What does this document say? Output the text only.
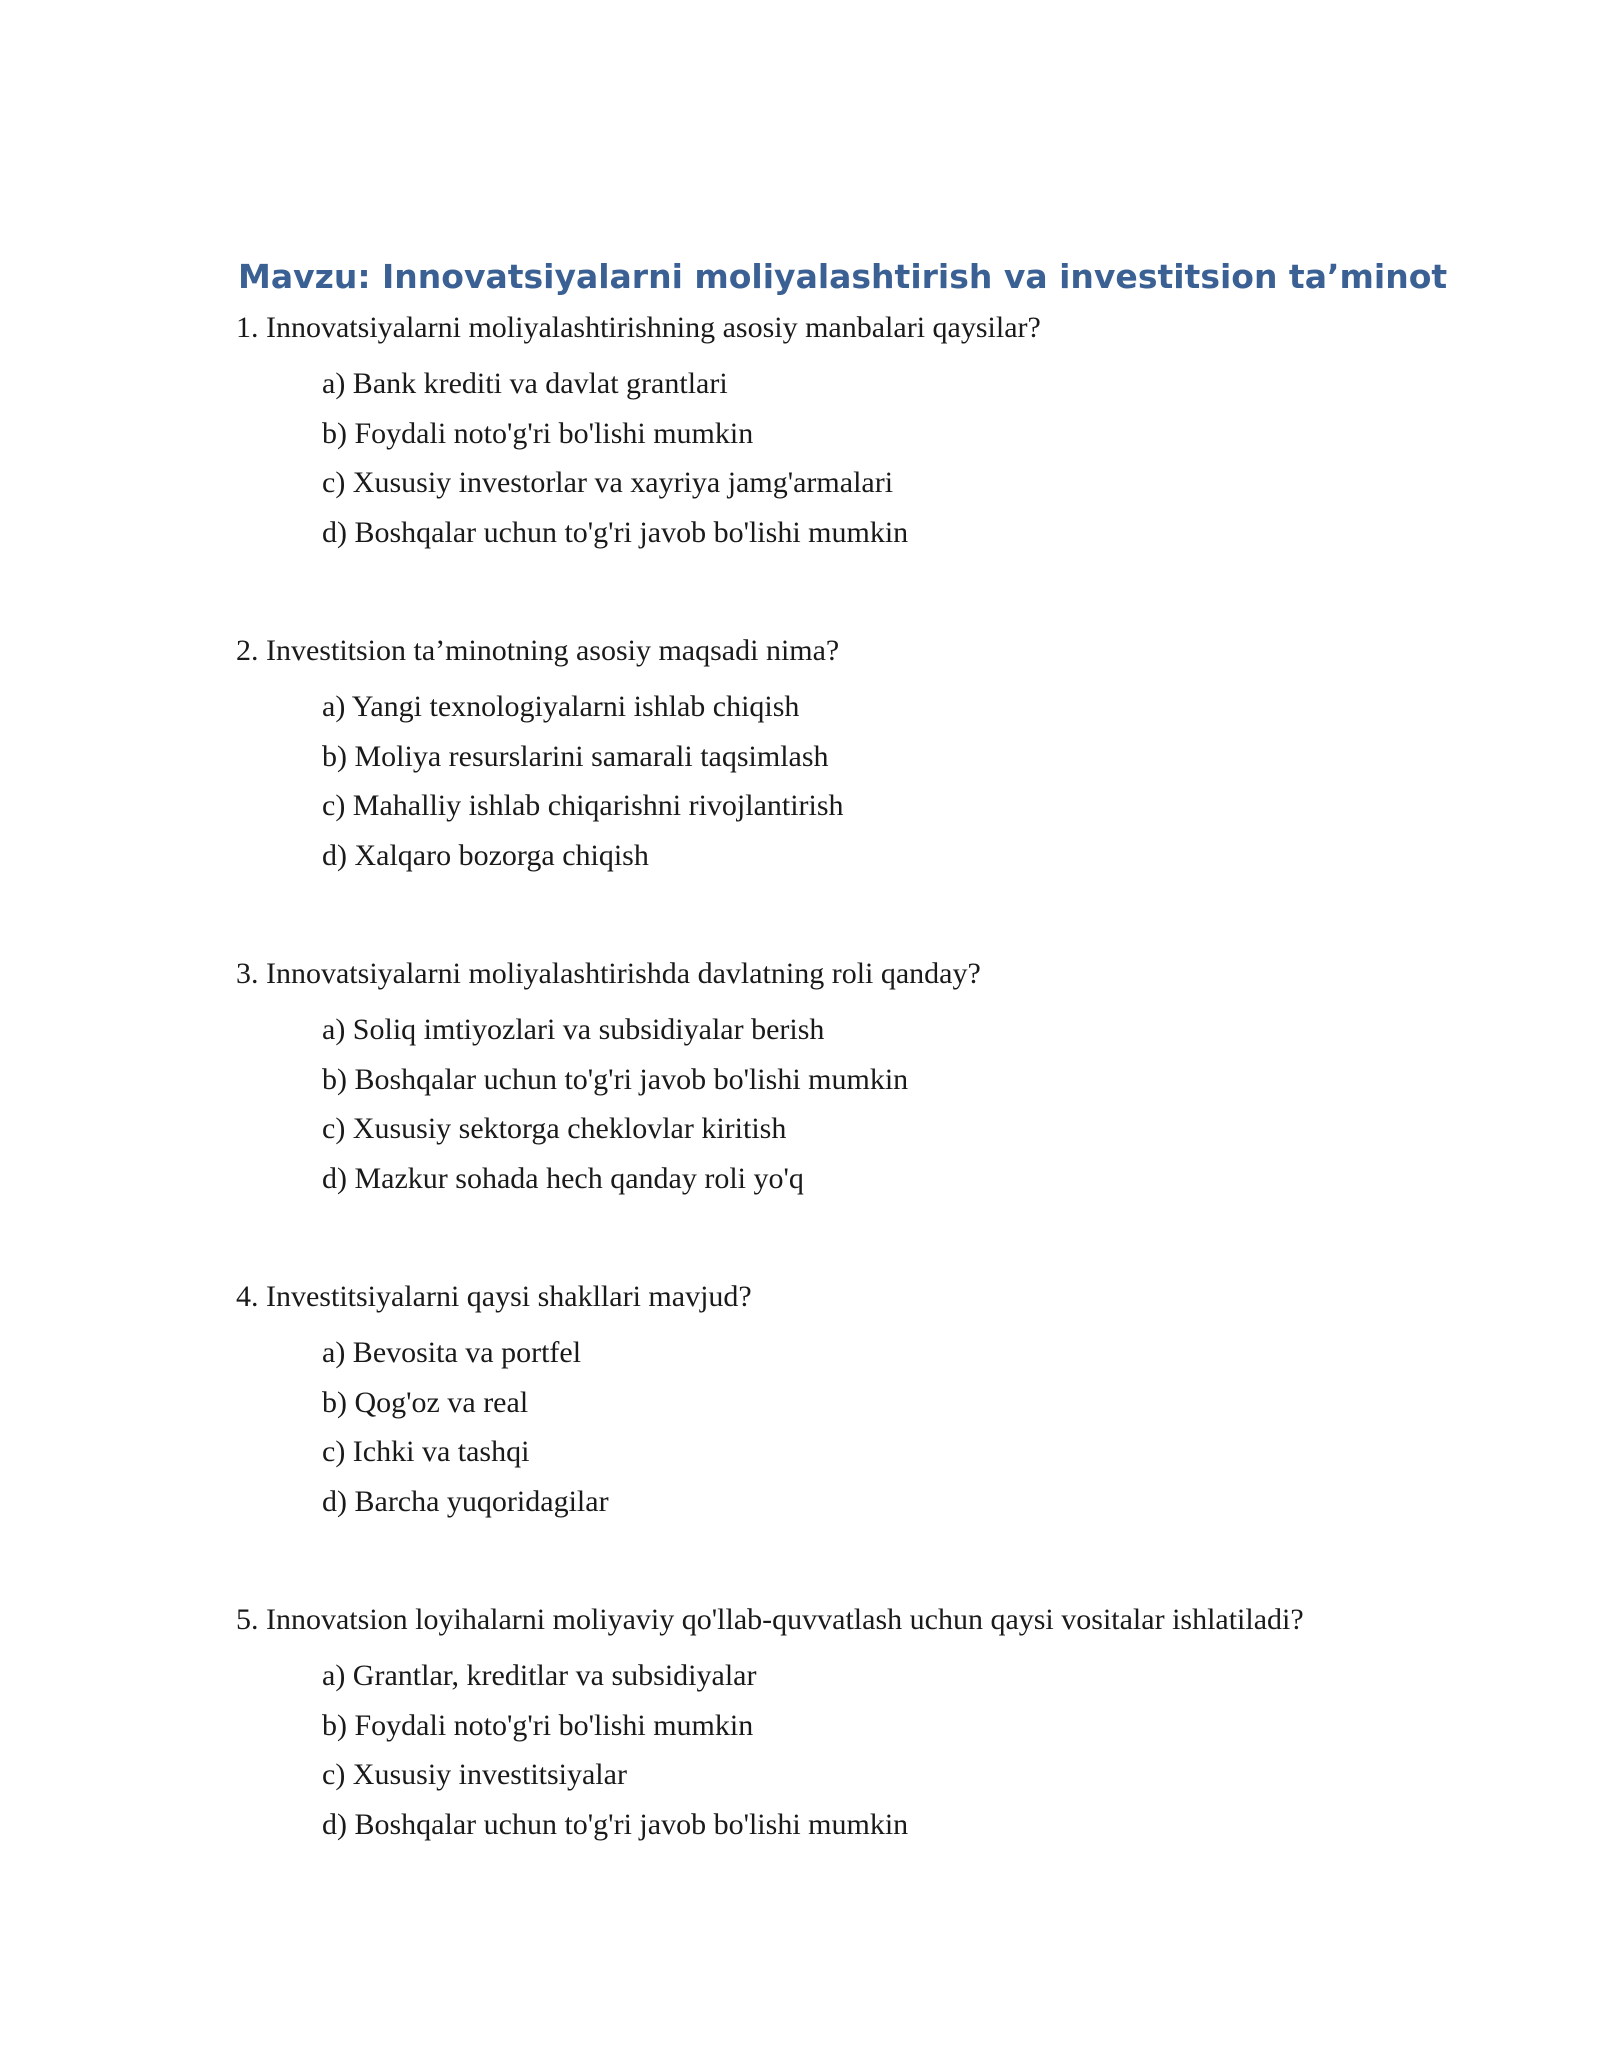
Mavzu: Innovatsiyalarni moliyalashtirish va investitsion ta’minot

1. Innovatsiyalarni moliyalashtirishning asosiy manbalari qaysilar?

a) Bank krediti va davlat grantlari
b) Foydali noto'g'ri bo'lishi mumkin
c) Xususiy investorlar va xayriya jamg'armalari
d) Boshqalar uchun to'g'ri javob bo'lishi mumkin

2. Investitsion ta’minotning asosiy maqsadi nima?

a) Yangi texnologiyalarni ishlab chiqish
b) Moliya resurslarini samarali taqsimlash
c) Mahalliy ishlab chiqarishni rivojlantirish
d) Xalqaro bozorga chiqish

3. Innovatsiyalarni moliyalashtirishda davlatning roli qanday?

a) Soliq imtiyozlari va subsidiyalar berish
b) Boshqalar uchun to'g'ri javob bo'lishi mumkin
c) Xususiy sektorga cheklovlar kiritish
d) Mazkur sohada hech qanday roli yo'q

4. Investitsiyalarni qaysi shakllari mavjud?

a) Bevosita va portfel
b) Qog'oz va real
c) Ichki va tashqi
d) Barcha yuqoridagilar

5. Innovatsion loyihalarni moliyaviy qo'llab-quvvatlash uchun qaysi vositalar ishlatiladi?

a) Grantlar, kreditlar va subsidiyalar
b) Foydali noto'g'ri bo'lishi mumkin
c) Xususiy investitsiyalar
d) Boshqalar uchun to'g'ri javob bo'lishi mumkin
